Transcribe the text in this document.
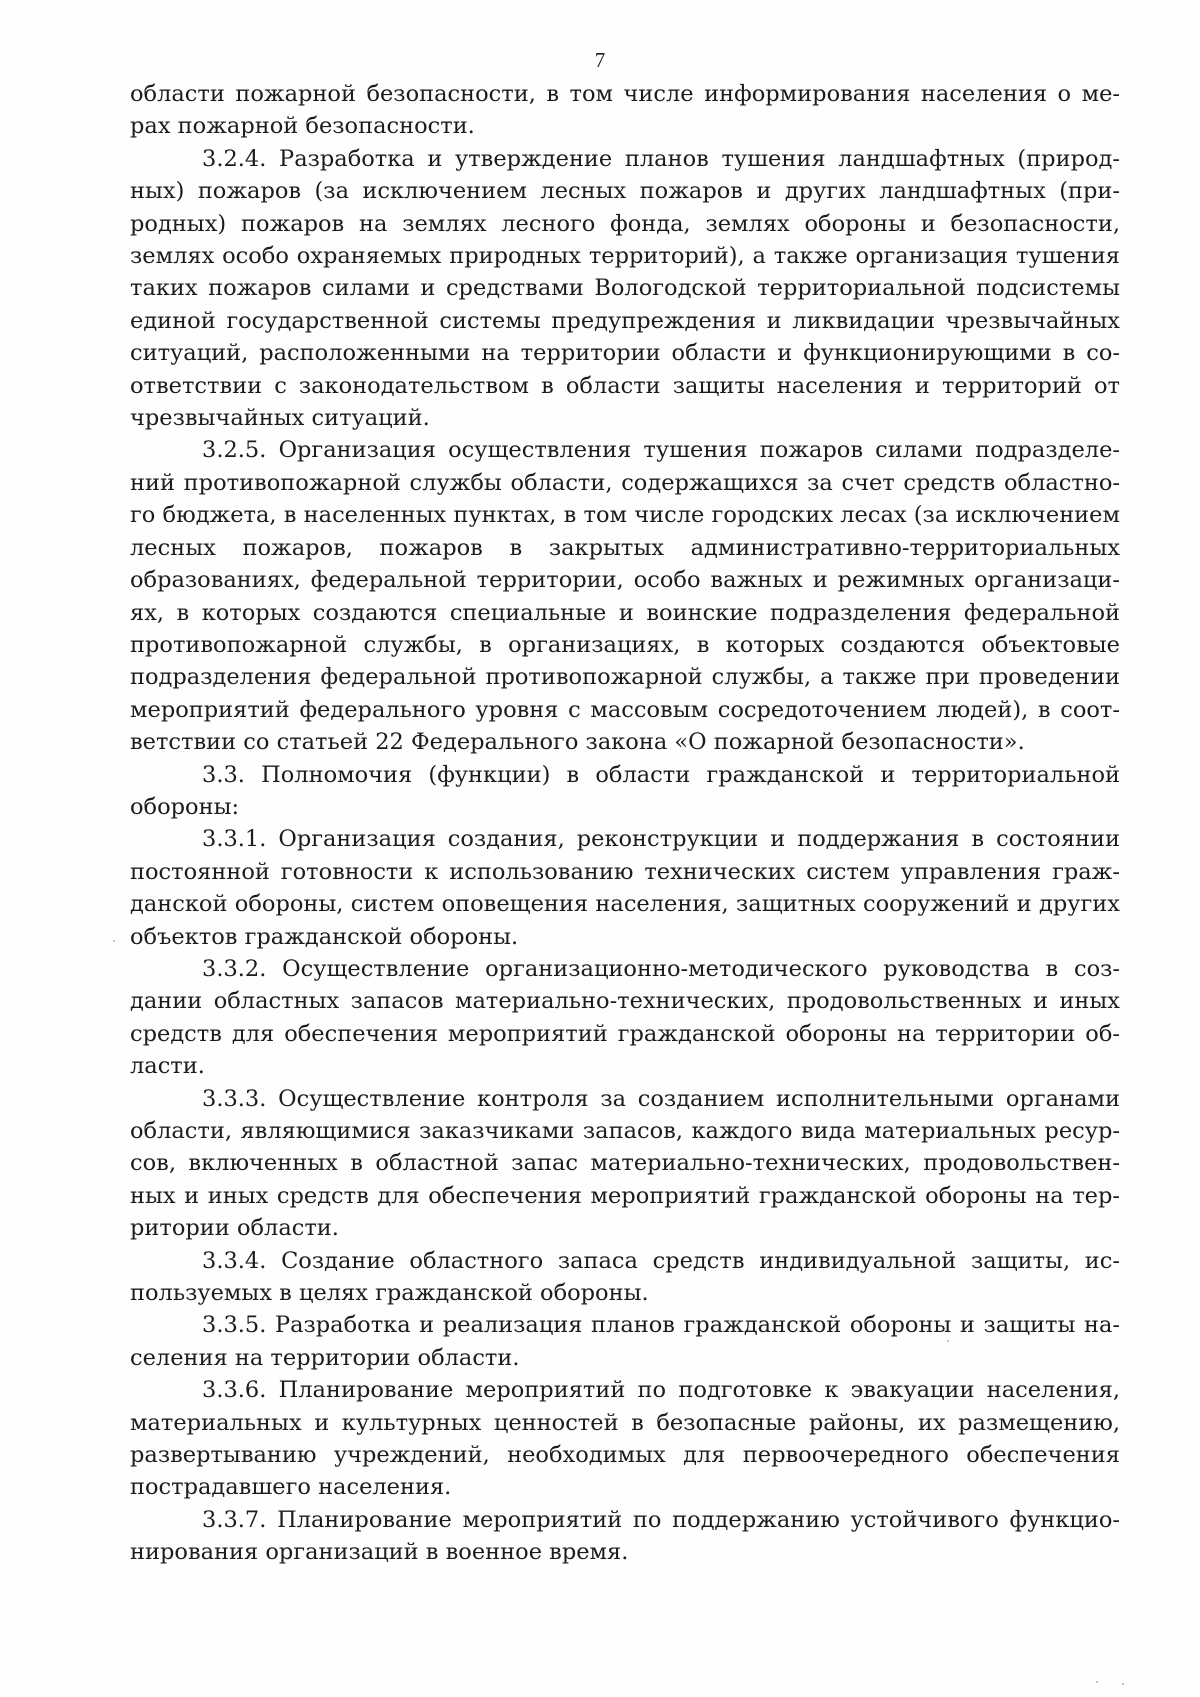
7

области пожарной безопасности, в том числе информирования населения о мерах пожарной безопасности.

3.2.4. Разработка и утверждение планов тушения ландшафтных (природных) пожаров (за исключением лесных пожаров и других ландшафтных (природных) пожаров на землях лесного фонда, землях обороны и безопасности, землях особо охраняемых природных территорий), а также организация тушения таких пожаров силами и средствами Вологодской территориальной подсистемы единой государственной системы предупреждения и ликвидации чрезвычайных ситуаций, расположенными на территории области и функционирующими в соответствии с законодательством в области защиты населения и территорий от чрезвычайных ситуаций.

3.2.5. Организация осуществления тушения пожаров силами подразделений противопожарной службы области, содержащихся за счет средств областного бюджета, в населенных пунктах, в том числе городских лесах (за исключением лесных пожаров, пожаров в закрытых административно-территориальных образованиях, федеральной территории, особо важных и режимных организациях, в которых создаются специальные и воинские подразделения федеральной противопожарной службы, в организациях, в которых создаются объектовые подразделения федеральной противопожарной службы, а также при проведении мероприятий федерального уровня с массовым сосредоточением людей), в соответствии со статьей 22 Федерального закона «О пожарной безопасности».

3.3. Полномочия (функции) в области гражданской и территориальной обороны:

3.3.1. Организация создания, реконструкции и поддержания в состоянии постоянной готовности к использованию технических систем управления гражданской обороны, систем оповещения населения, защитных сооружений и других объектов гражданской обороны.

3.3.2. Осуществление организационно-методического руководства в создании областных запасов материально-технических, продовольственных и иных средств для обеспечения мероприятий гражданской обороны на территории области.

3.3.3. Осуществление контроля за созданием исполнительными органами области, являющимися заказчиками запасов, каждого вида материальных ресурсов, включенных в областной запас материально-технических, продовольственных и иных средств для обеспечения мероприятий гражданской обороны на территории области.

3.3.4. Создание областного запаса средств индивидуальной защиты, используемых в целях гражданской обороны.

3.3.5. Разработка и реализация планов гражданской обороны и защиты населения на территории области.

3.3.6. Планирование мероприятий по подготовке к эвакуации населения, материальных и культурных ценностей в безопасные районы, их размещению, развертыванию учреждений, необходимых для первоочередного обеспечения пострадавшего населения.

3.3.7. Планирование мероприятий по поддержанию устойчивого функционирования организаций в военное время.
